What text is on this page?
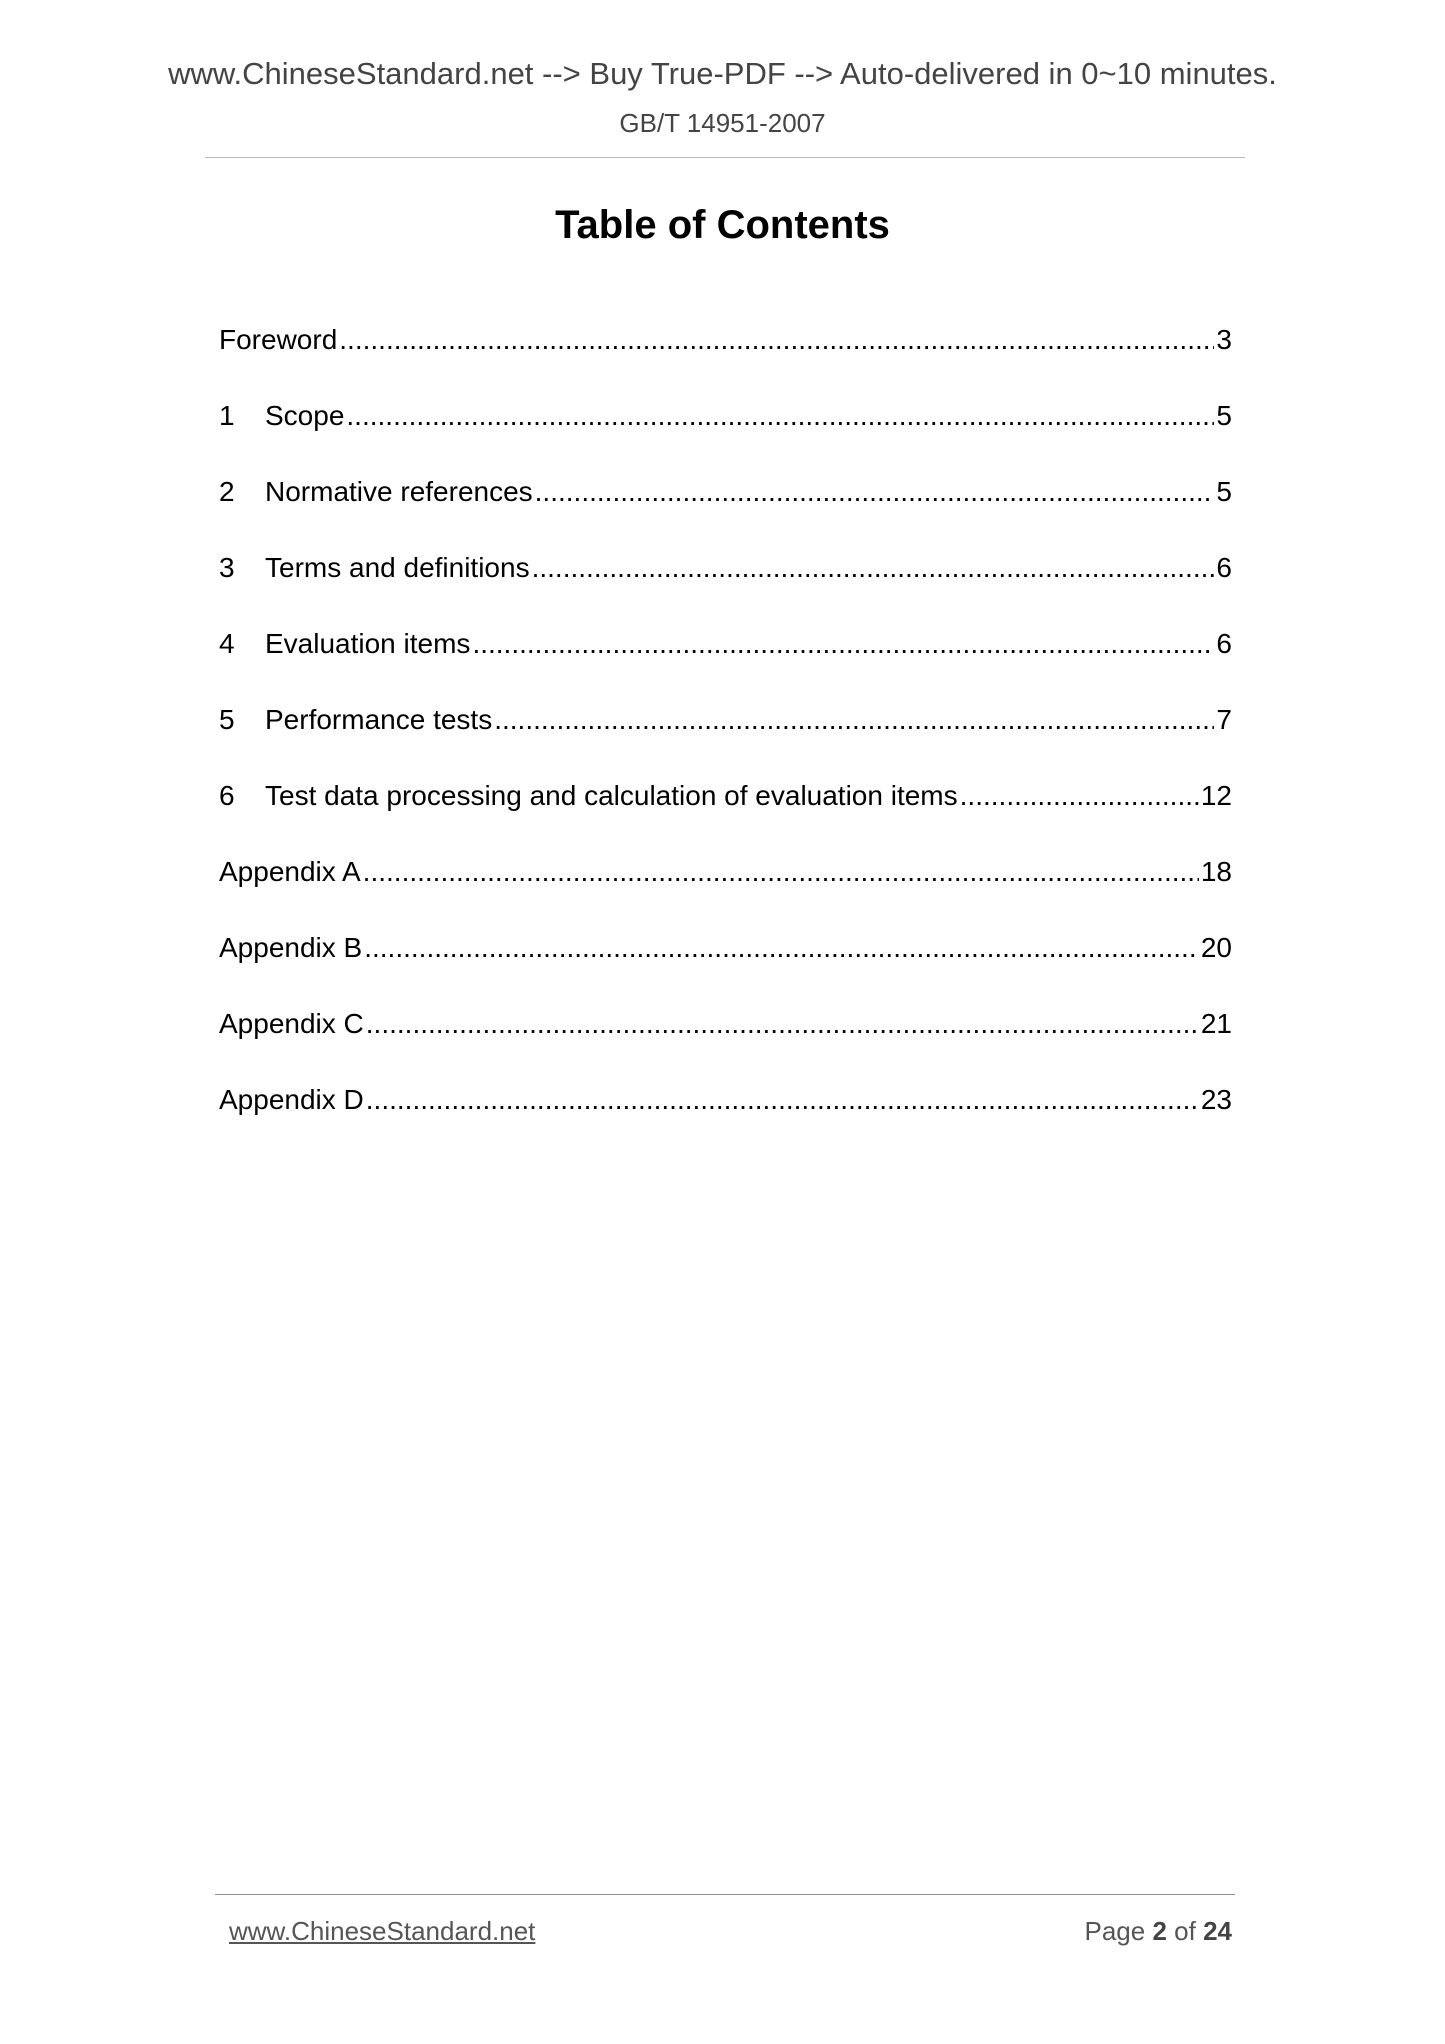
www.ChineseStandard.net --> Buy True-PDF --> Auto-delivered in 0~10 minutes.
GB/T 14951-2007
Table of Contents
Foreword .....	3
1	Scope .....	5
2	Normative references .....	5
3	Terms and definitions .....	6
4	Evaluation items .....	6
5	Performance tests .....	7
6	Test data processing and calculation of evaluation items .....	12
Appendix A .....	18
Appendix B .....	20
Appendix C .....	21
Appendix D .....	23
www.ChineseStandard.net	Page 2 of 24
